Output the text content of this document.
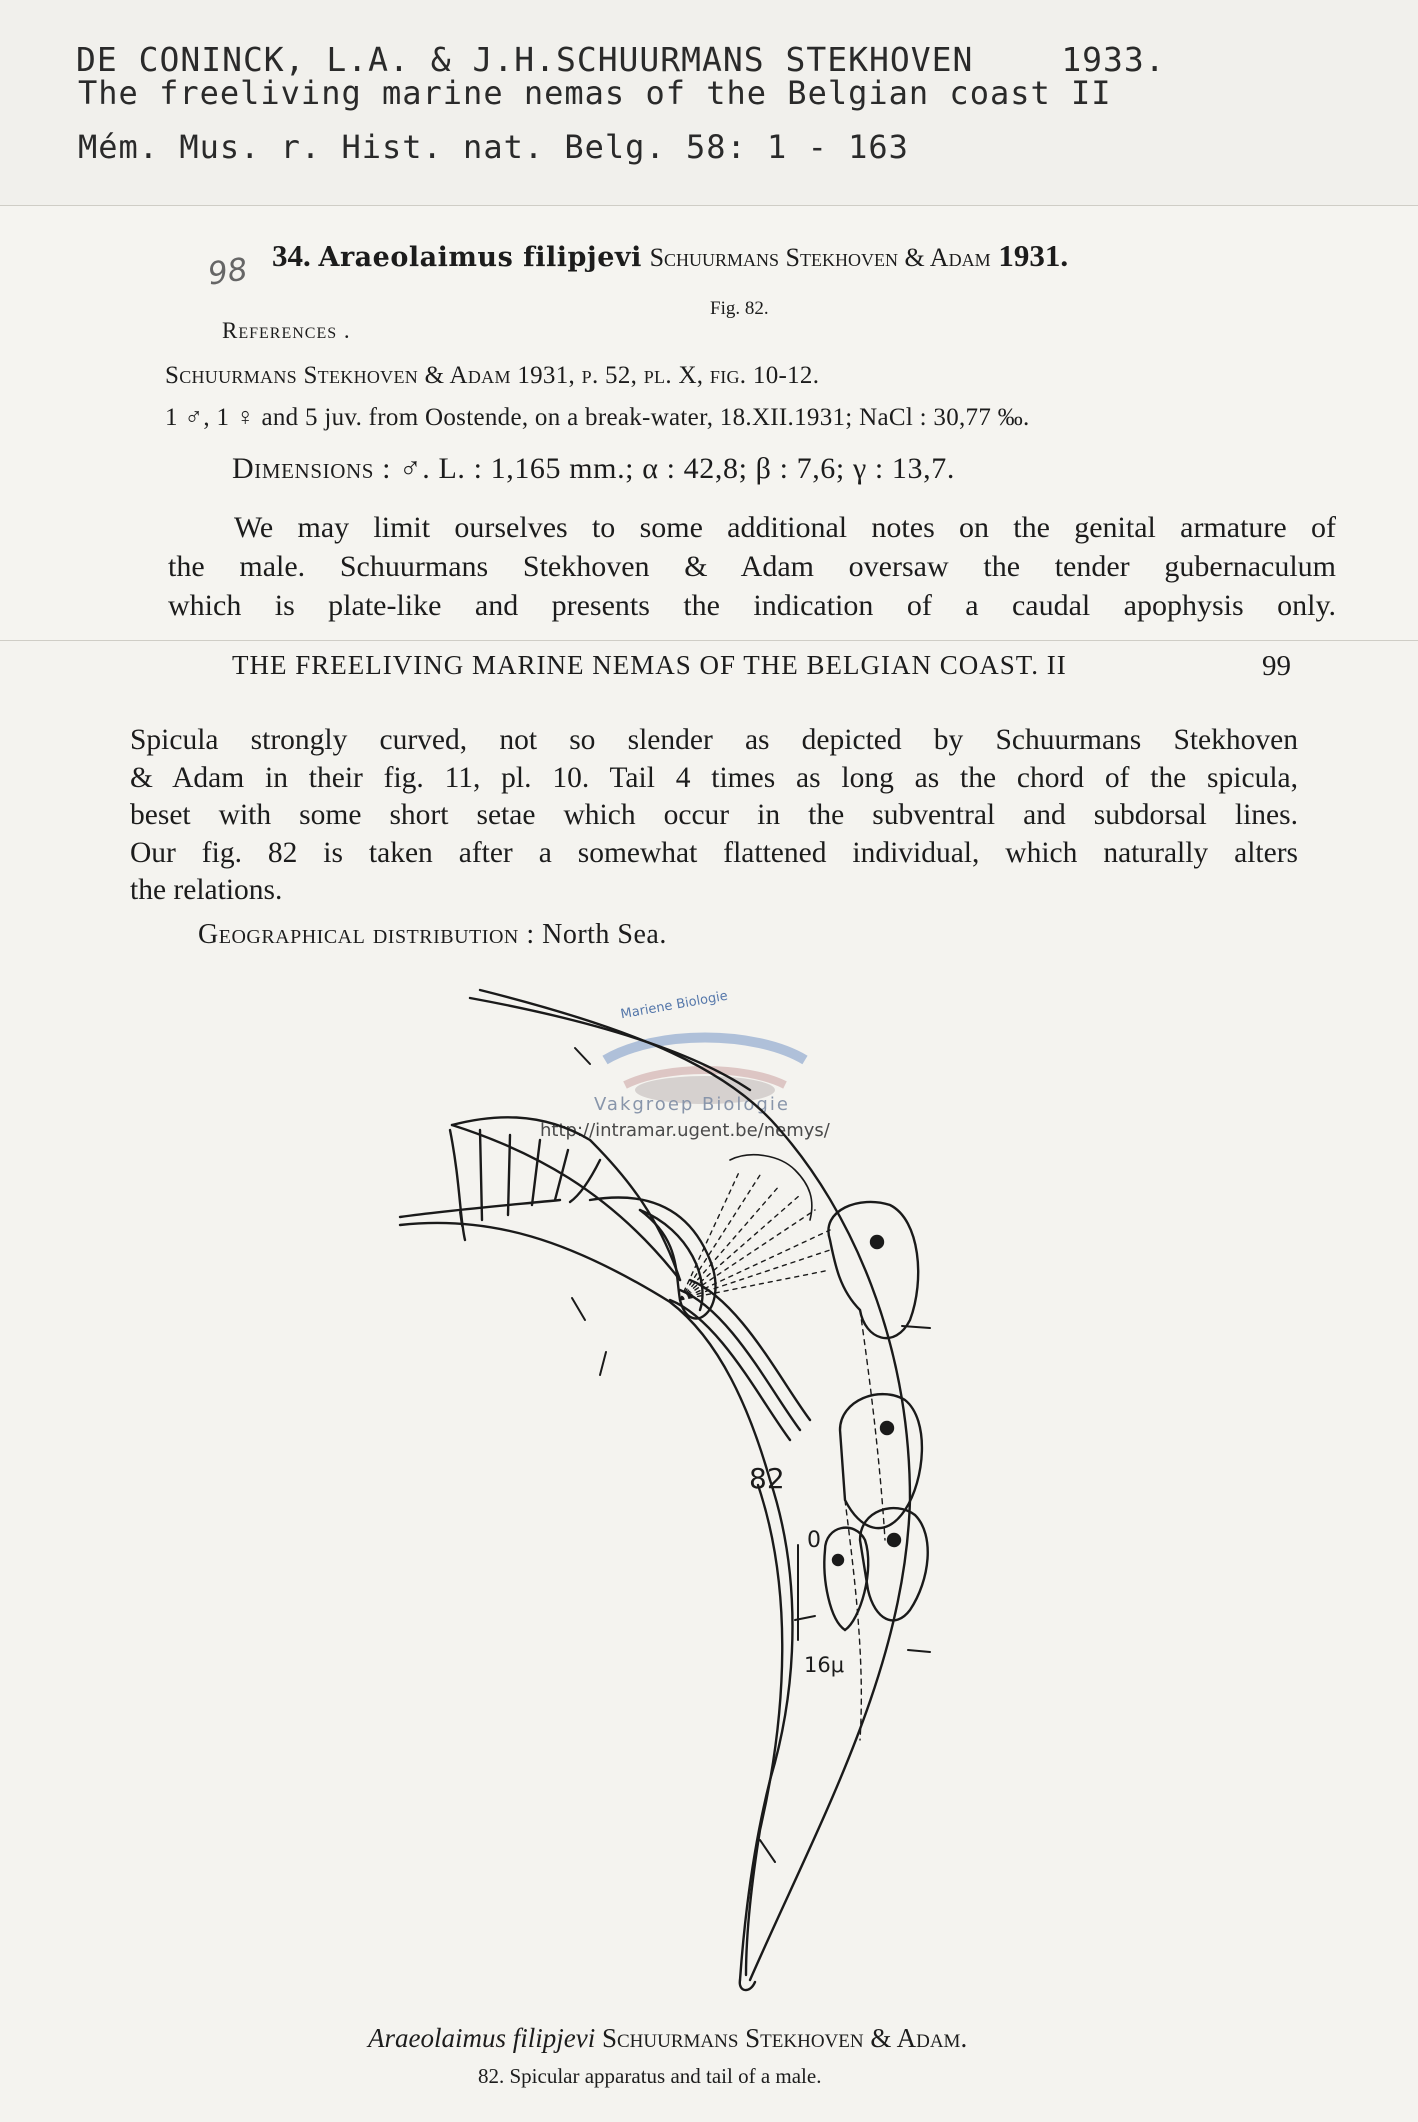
DE CONINCK, L.A. & J.H.SCHUURMANS STEKHOVEN	1933.
The freeliving marine nemas of the Belgian coast II
Mém. Mus. r. Hist. nat. Belg. 58: 1 - 163
98 34. Araeolaimus filipjevi Schuurmans Stekhoven & Adam 1931.
Fig. 82.
References .
Schuurmans Stekhoven & Adam 1931, p. 52, pl. X, fig. 10-12.
1 ♂, 1 ♀ and 5 juv. from Oostende, on a break-water, 18.XII.1931; NaCl : 30,77 ‰.
Dimensions : ♂. L. : 1,165 mm.; α : 42,8; β : 7,6; γ : 13,7.
We may limit ourselves to some additional notes on the genital armature of
the male. Schuurmans Stekhoven & Adam oversaw the tender gubernaculum
which is plate-like and presents the indication of a caudal apophysis only.
THE FREELIVING MARINE NEMAS OF THE BELGIAN COAST. II	99
Spicula strongly curved, not so slender as depicted by Schuurmans Stekhoven
& Adam in their fig. 11, pl. 10. Tail 4 times as long as the chord of the spicula,
beset with some short setae which occur in the subventral and subdorsal lines.
Our fig. 82 is taken after a somewhat flattened individual, which naturally alters
the relations.
Geographical distribution : North Sea.
Mariene Biologie
Vakgroep Biologie
http://intramar.ugent.be/nemys/
82
0
16μ
Araeolaimus filipjevi Schuurmans Stekhoven & Adam.
82. Spicular apparatus and tail of a male.
